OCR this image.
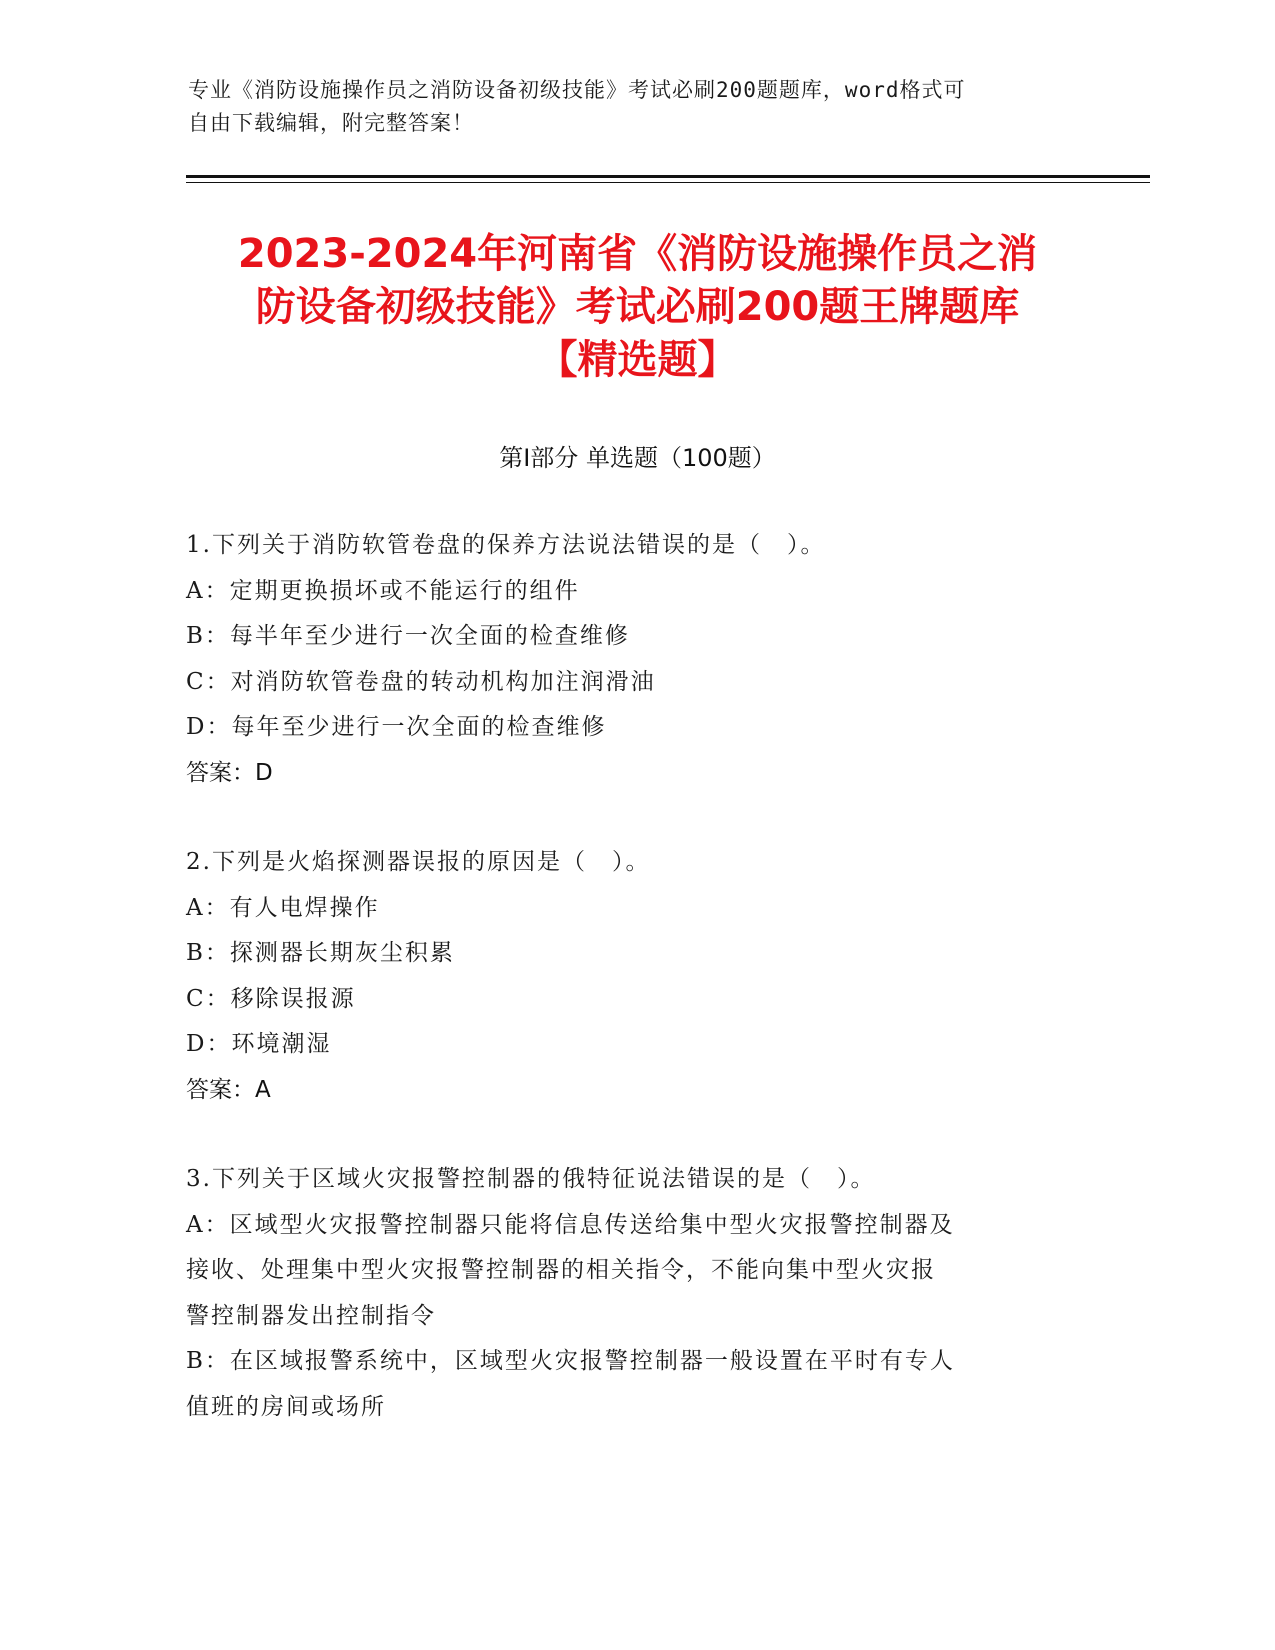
专业《消防设施操作员之消防设备初级技能》考试必刷200题题库，word格式可
自由下载编辑，附完整答案！
2023-2024年河南省《消防设施操作员之消
防设备初级技能》考试必刷200题王牌题库
【精选题】
第I部分 单选题（100题）
1.下列关于消防软管卷盘的保养方法说法错误的是（　）。
A：定期更换损坏或不能运行的组件
B：每半年至少进行一次全面的检查维修
C：对消防软管卷盘的转动机构加注润滑油
D：每年至少进行一次全面的检查维修
答案：D
2.下列是火焰探测器误报的原因是（　）。
A：有人电焊操作
B：探测器长期灰尘积累
C：移除误报源
D：环境潮湿
答案：A
3.下列关于区域火灾报警控制器的俄特征说法错误的是（　）。
A：区域型火灾报警控制器只能将信息传送给集中型火灾报警控制器及
接收、处理集中型火灾报警控制器的相关指令，不能向集中型火灾报
警控制器发出控制指令
B：在区域报警系统中，区域型火灾报警控制器一般设置在平时有专人
值班的房间或场所
